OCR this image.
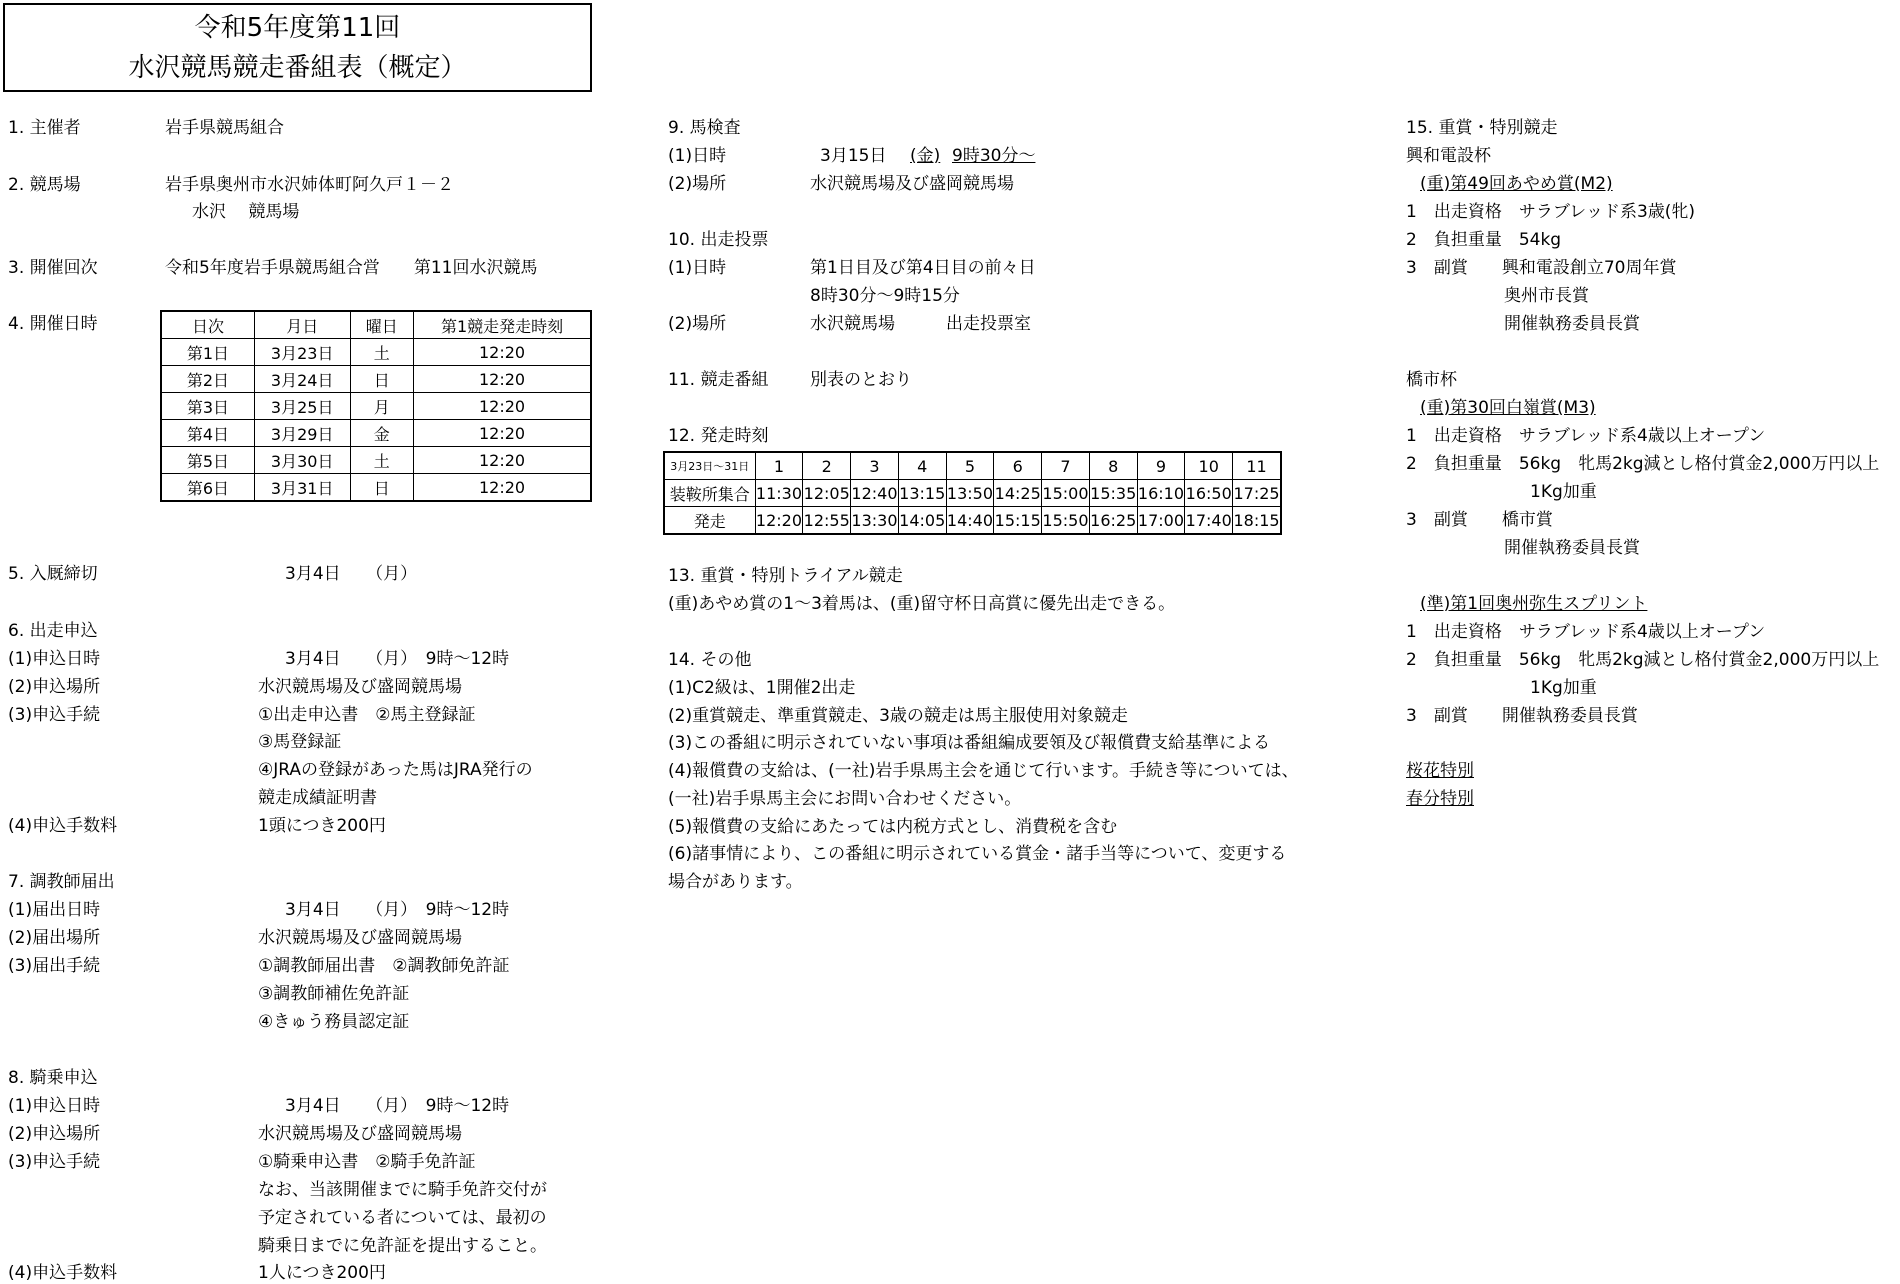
令和5年度第11回
水沢競馬競走番組表（概定）
1. 主催者	岩手県競馬組合
2. 競馬場	岩手県奥州市水沢姉体町阿久戸１－２
水沢　 競馬場
3. 開催回次	令和5年度岩手県競馬組合営　　第11回水沢競馬
4. 開催日時	日次	月日	曜日	第1競走発走時刻
第1日	3月23日	土	12:20
第2日	3月24日	日	12:20
第3日	3月25日	月	12:20
第4日	3月29日	金	12:20
第5日	3月30日	土	12:20
第6日	3月31日	日	12:20
5. 入厩締切	3月4日　　（月）
6. 出走申込
(1)申込日時	3月4日　　（月）　9時～12時
(2)申込場所	水沢競馬場及び盛岡競馬場
(3)申込手続	①出走申込書　②馬主登録証
③馬登録証
④JRAの登録があった馬はJRA発行の
競走成績証明書
(4)申込手数料	1頭につき200円
7. 調教師届出
(1)届出日時	3月4日　　（月）　9時～12時
(2)届出場所	水沢競馬場及び盛岡競馬場
(3)届出手続	①調教師届出書　②調教師免許証
③調教師補佐免許証
④きゅう務員認定証
8. 騎乗申込
(1)申込日時	3月4日　　（月）　9時～12時
(2)申込場所	水沢競馬場及び盛岡競馬場
(3)申込手続	①騎乗申込書　②騎手免許証
なお、当該開催までに騎手免許交付が
予定されている者については、最初の
騎乗日までに免許証を提出すること。
(4)申込手数料	1人につき200円
9. 馬検査
(1)日時	3月15日 (金) 9時30分～
(2)場所	水沢競馬場及び盛岡競馬場
10. 出走投票
(1)日時	第1日目及び第4日目の前々日
8時30分～9時15分
(2)場所	水沢競馬場　　　出走投票室
11. 競走番組 別表のとおり
12. 発走時刻
3月23日～31日	1	2	3	4	5	6	7	8	9	10	11
装鞍所集合	11:30	12:05	12:40	13:15	13:50	14:25	15:00	15:35	16:10	16:50	17:25
発走	12:20	12:55	13:30	14:05	14:40	15:15	15:50	16:25	17:00	17:40	18:15
13. 重賞・特別トライアル競走
(重)あやめ賞の1～3着馬は、(重)留守杯日高賞に優先出走できる。
14. その他
(1)C2級は、1開催2出走
(2)重賞競走、準重賞競走、3歳の競走は馬主服使用対象競走
(3)この番組に明示されていない事項は番組編成要領及び報償費支給基準による
(4)報償費の支給は、(一社)岩手県馬主会を通じて行います。手続き等については、
(一社)岩手県馬主会にお問い合わせください。
(5)報償費の支給にあたっては内税方式とし、消費税を含む
(6)諸事情により、この番組に明示されている賞金・諸手当等について、変更する
場合があります。
15. 重賞・特別競走
興和電設杯
(重)第49回あやめ賞(M2)
1　出走資格　サラブレッド系3歳(牝)
2　負担重量　54kg
3　副賞　　興和電設創立70周年賞
奥州市長賞
開催執務委員長賞
橋市杯
(重)第30回白嶺賞(M3)
1　出走資格　サラブレッド系4歳以上オープン
2　負担重量　56kg　牝馬2kg減とし格付賞金2,000万円以上
1Kg加重
3　副賞　　橋市賞
開催執務委員長賞
(準)第1回奥州弥生スプリント
1　出走資格　サラブレッド系4歳以上オープン
2　負担重量　56kg　牝馬2kg減とし格付賞金2,000万円以上
1Kg加重
3　副賞　　開催執務委員長賞
桜花特別
春分特別
